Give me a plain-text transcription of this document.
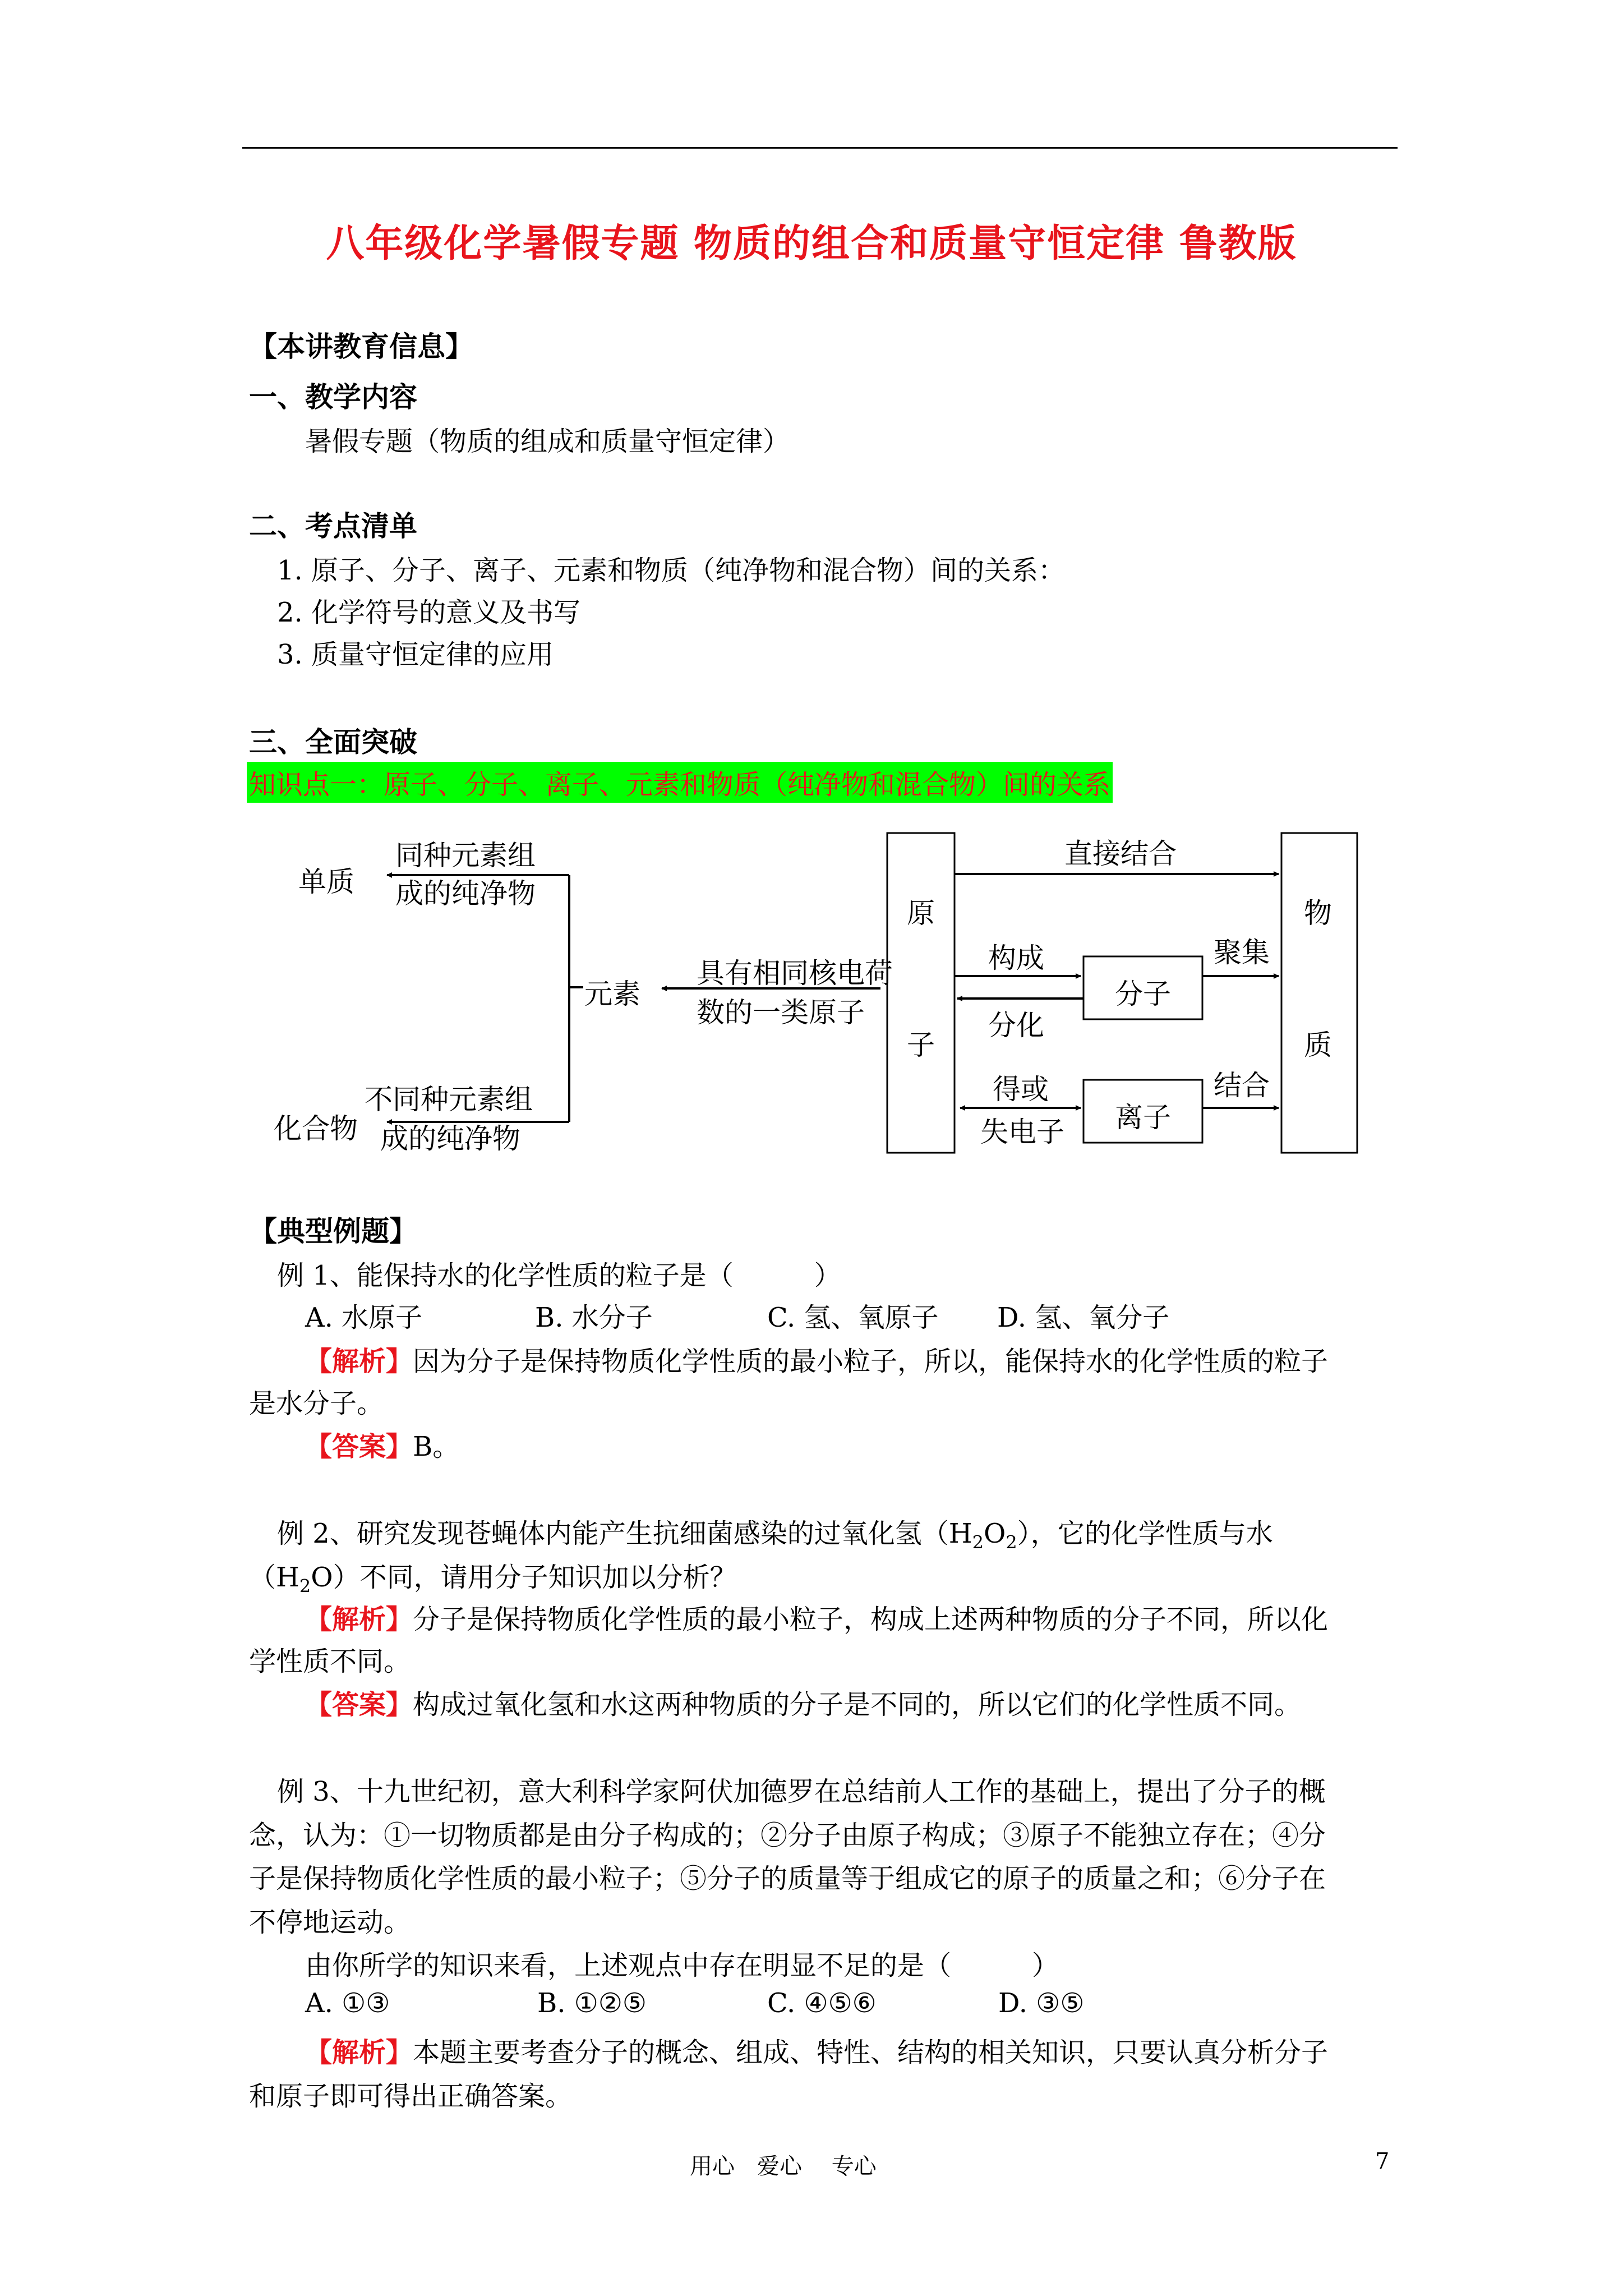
八年级化学暑假专题 物质的组合和质量守恒定律 鲁教版
【本讲教育信息】
一、教学内容
暑假专题（物质的组成和质量守恒定律）
二、考点清单
1. 原子、分子、离子、元素和物质（纯净物和混合物）间的关系：
2. 化学符号的意义及书写
3. 质量守恒定律的应用
三、全面突破
知识点一：原子、分子、离子、元素和物质（纯净物和混合物）间的关系
单质
同种元素组
成的纯净物
元素
化合物
不同种元素组
成的纯净物
具有相同核电荷
数的一类原子
原
子
直接结合
构成
分化
分子
聚集
得或
失电子 离子
结合
物
质
【典型例题】
例 1、能保持水的化学性质的粒子是（　　　）
A. 水原子	B. 水分子	C. 氢、氧原子 D. 氢、氧分子
【解析】因为分子是保持物质化学性质的最小粒子，所以，能保持水的化学性质的粒子
是水分子。
【答案】B。
例 2、研究发现苍蝇体内能产生抗细菌感染的过氧化氢$(H_2O_2)$，它的化学性质与水
$(H_2O)$不同，请用分子知识加以分析？
【解析】分子是保持物质化学性质的最小粒子，构成上述两种物质的分子不同，所以化
学性质不同。
【答案】构成过氧化氢和水这两种物质的分子是不同的，所以它们的化学性质不同。
例 3、十九世纪初，意大利科学家阿伏加德罗在总结前人工作的基础上，提出了分子的概
念，认为：①一切物质都是由分子构成的；②分子由原子构成；③原子不能独立存在；④分
子是保持物质化学性质的最小粒子；⑤分子的质量等于组成它的原子的质量之和；⑥分子在
不停地运动。
由你所学的知识来看，上述观点中存在明显不足的是（　　　）
A. ①③	B. ①②⑤	C. ④⑤⑥	D. ③⑤
【解析】本题主要考查分子的概念、组成、特性、结构的相关知识，只要认真分析分子
和原子即可得出正确答案。
用心　爱心　 专心	7
